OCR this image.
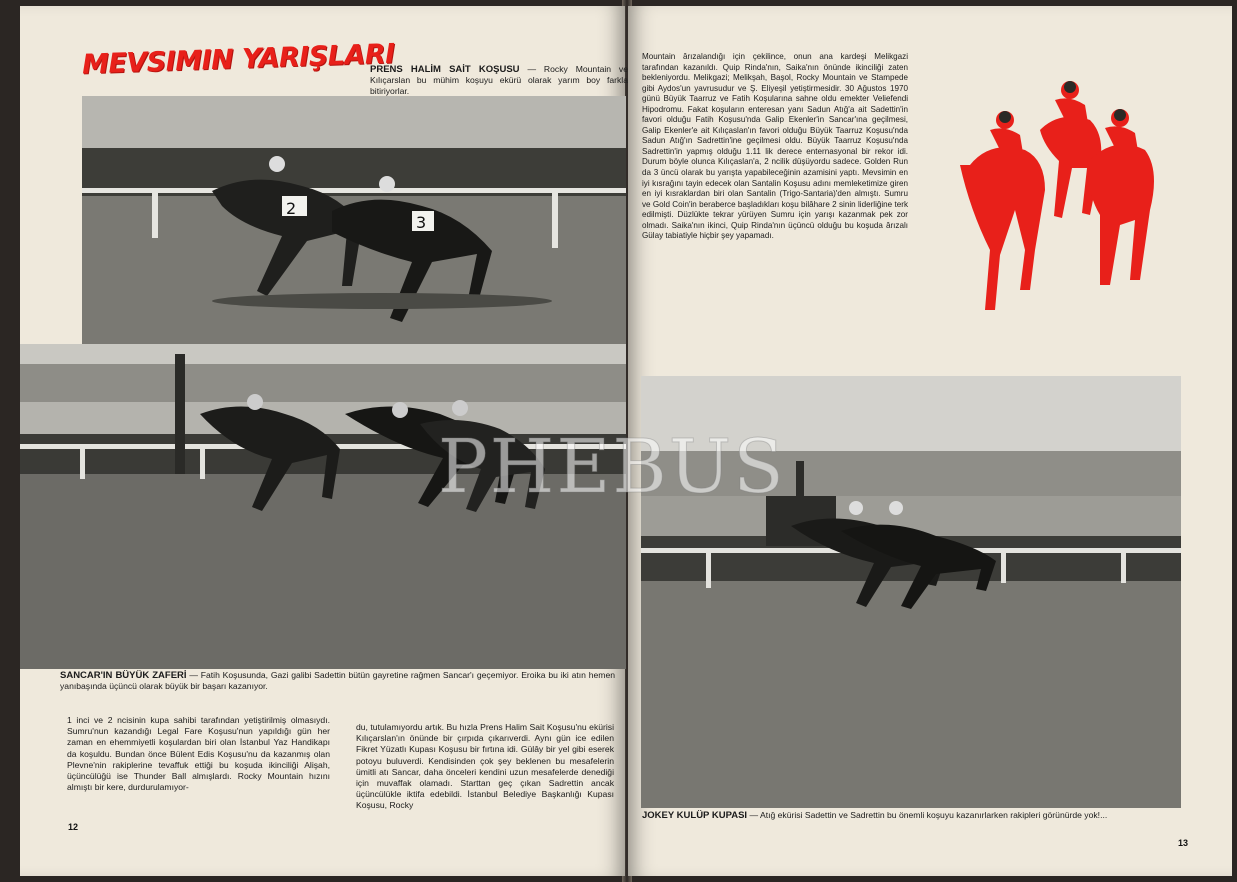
MEVSIMIN YARIŞLARI
PRENS HALİM SAİT KOŞUSU — Rocky Mountain ve Kılıçarslan bu mühim koşuyu ekürü olarak yarım boy farkla bitiriyorlar.
2
3
SANCAR'IN BÜYÜK ZAFERİ — Fatih Koşusunda, Gazi galibi Sadettin bütün gayretine rağmen Sancar'ı geçemiyor. Eroika bu iki atın hemen yanıbaşında üçüncü olarak büyük bir başarı kazanıyor.
1 inci ve 2 ncisinin kupa sahibi tarafından yetiştirilmiş olmasıydı. Sumru'nun kazandığı Legal Fare Koşusu'nun yapıldığı gün her zaman en ehemmiyetli koşulardan biri olan İstanbul Yaz Handikapı da koşuldu. Bundan önce Bülent Edis Koşusu'nu da kazanmış olan Plevne'nin rakiplerine tevaffuk ettiği bu koşuda ikinciliği Alişah, üçüncülüğü ise Thunder Ball almışlardı. Rocky Mountain hızını almıştı bir kere, durdurulamıyor-
du, tutulamıyordu artık. Bu hızla Prens Halim Sait Koşusu'nu ekürisi Kılıçarslan'ın önünde bir çırpıda çıkarıverdi. Aynı gün ice edilen Fikret Yüzatlı Kupası Koşusu bir fırtına idi. Gülây bir yel gibi eserek potoyu buluverdi. Kendisinden çok şey beklenen bu mesafelerin ümitli atı Sancar, daha önceleri kendini uzun mesafelerde denediği için muvaffak olamadı. Starttan geç çıkan Sadrettin ancak üçüncülükle iktifa edebildi. İstanbul Belediye Başkanlığı Kupası Koşusu, Rocky
12
Mountain ârızalandığı için çekilince, onun ana kardeşi Melikgazi tarafından kazanıldı. Quip Rinda'nın, Saika'nın önünde ikinciliği zaten bekleniyordu. Melikgazi; Melikşah, Başol, Rocky Mountain ve Stampede gibi Aydos'un yavrusudur ve Ş. Eliyeşil yetiştirmesidir. 30 Ağustos 1970 günü Büyük Taarruz ve Fatih Koşularına sahne oldu emekter Veliefendi Hipodromu. Fakat koşuların enteresan yanı Sadun Atığ'a ait Sadettin'in favori olduğu Fatih Koşusu'nda Galip Ekenler'in Sancar'ına geçilmesi, Galip Ekenler'e ait Kılıçaslan'ın favori olduğu Büyük Taarruz Koşusu'nda Sadun Atığ'ın Sadrettin'ine geçilmesi oldu. Büyük Taarruz Koşusu'nda Sadrettin'in yapmış olduğu 1.11 lik derece enternasyonal bir rekor idi. Durum böyle olunca Kılıçaslan'a, 2 ncilik düşüyordu sadece. Golden Run da 3 üncü olarak bu yarışta yapabileceğinin azamisini yaptı. Mevsimin en iyi kısrağını tayin edecek olan Santalin Koşusu adını memleketimize giren en iyi kısraklardan biri olan Santalin (Trigo-Santaria)'den almıştı. Sumru ve Gold Coin'in beraberce başladıkları koşu bilâhare 2 sinin liderliğine terk edilmişti. Düzlükte tekrar yürüyen Sumru için yarışı kazanmak pek zor olmadı. Saika'nın ikinci, Quip Rinda'nın üçüncü olduğu bu koşuda ârızalı Gülay tabiatiyle hiçbir şey yapamadı.
JOKEY KULÜP KUPASI — Atığ ekürisi Sadettin ve Sadrettin bu önemli koşuyu kazanırlarken rakipleri görünürde yok!...
13
PHEBUS
